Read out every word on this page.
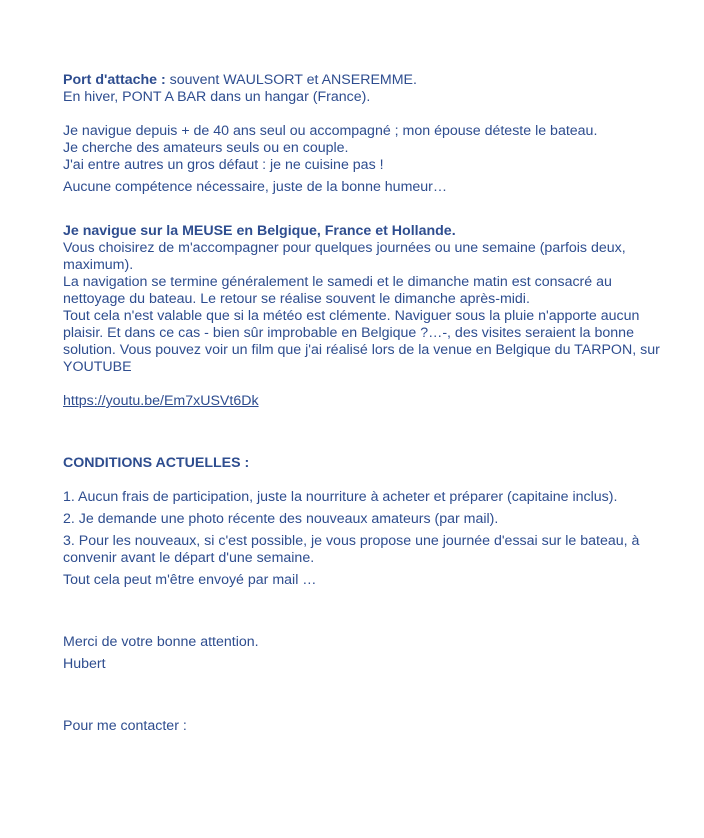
Port d'attache : souvent WAULSORT et ANSEREMME.

En hiver, PONT A BAR dans un hangar (France).

Je navigue depuis + de 40 ans seul ou accompagné ; mon épouse déteste le bateau.

Je cherche des amateurs seuls ou en couple.

J'ai entre autres un gros défaut : je ne cuisine pas !

Aucune compétence nécessaire, juste de la bonne humeur…

Je navigue sur la MEUSE en Belgique, France et Hollande.

Vous choisirez de m'accompagner pour quelques journées ou une semaine (parfois deux, maximum).

La navigation se termine généralement le samedi et le dimanche matin est consacré au nettoyage du bateau. Le retour se réalise souvent le dimanche après-midi.

Tout cela n'est valable que si la météo est clémente. Naviguer sous la pluie n'apporte aucun plaisir. Et dans ce cas - bien sûr improbable en Belgique ?…-, des visites seraient la bonne solution. Vous pouvez voir un film que j'ai réalisé lors de la venue en Belgique du TARPON, sur YOUTUBE

https://youtu.be/Em7xUSVt6Dk

CONDITIONS ACTUELLES :

1. Aucun frais de participation, juste la nourriture à acheter et préparer (capitaine inclus).

2. Je demande une photo récente des nouveaux amateurs (par mail).

3. Pour les nouveaux, si c'est possible, je vous propose une journée d'essai sur le bateau, à convenir avant le départ d'une semaine.

Tout cela peut m'être envoyé par mail …

Merci de votre bonne attention.

Hubert

Pour me contacter :
